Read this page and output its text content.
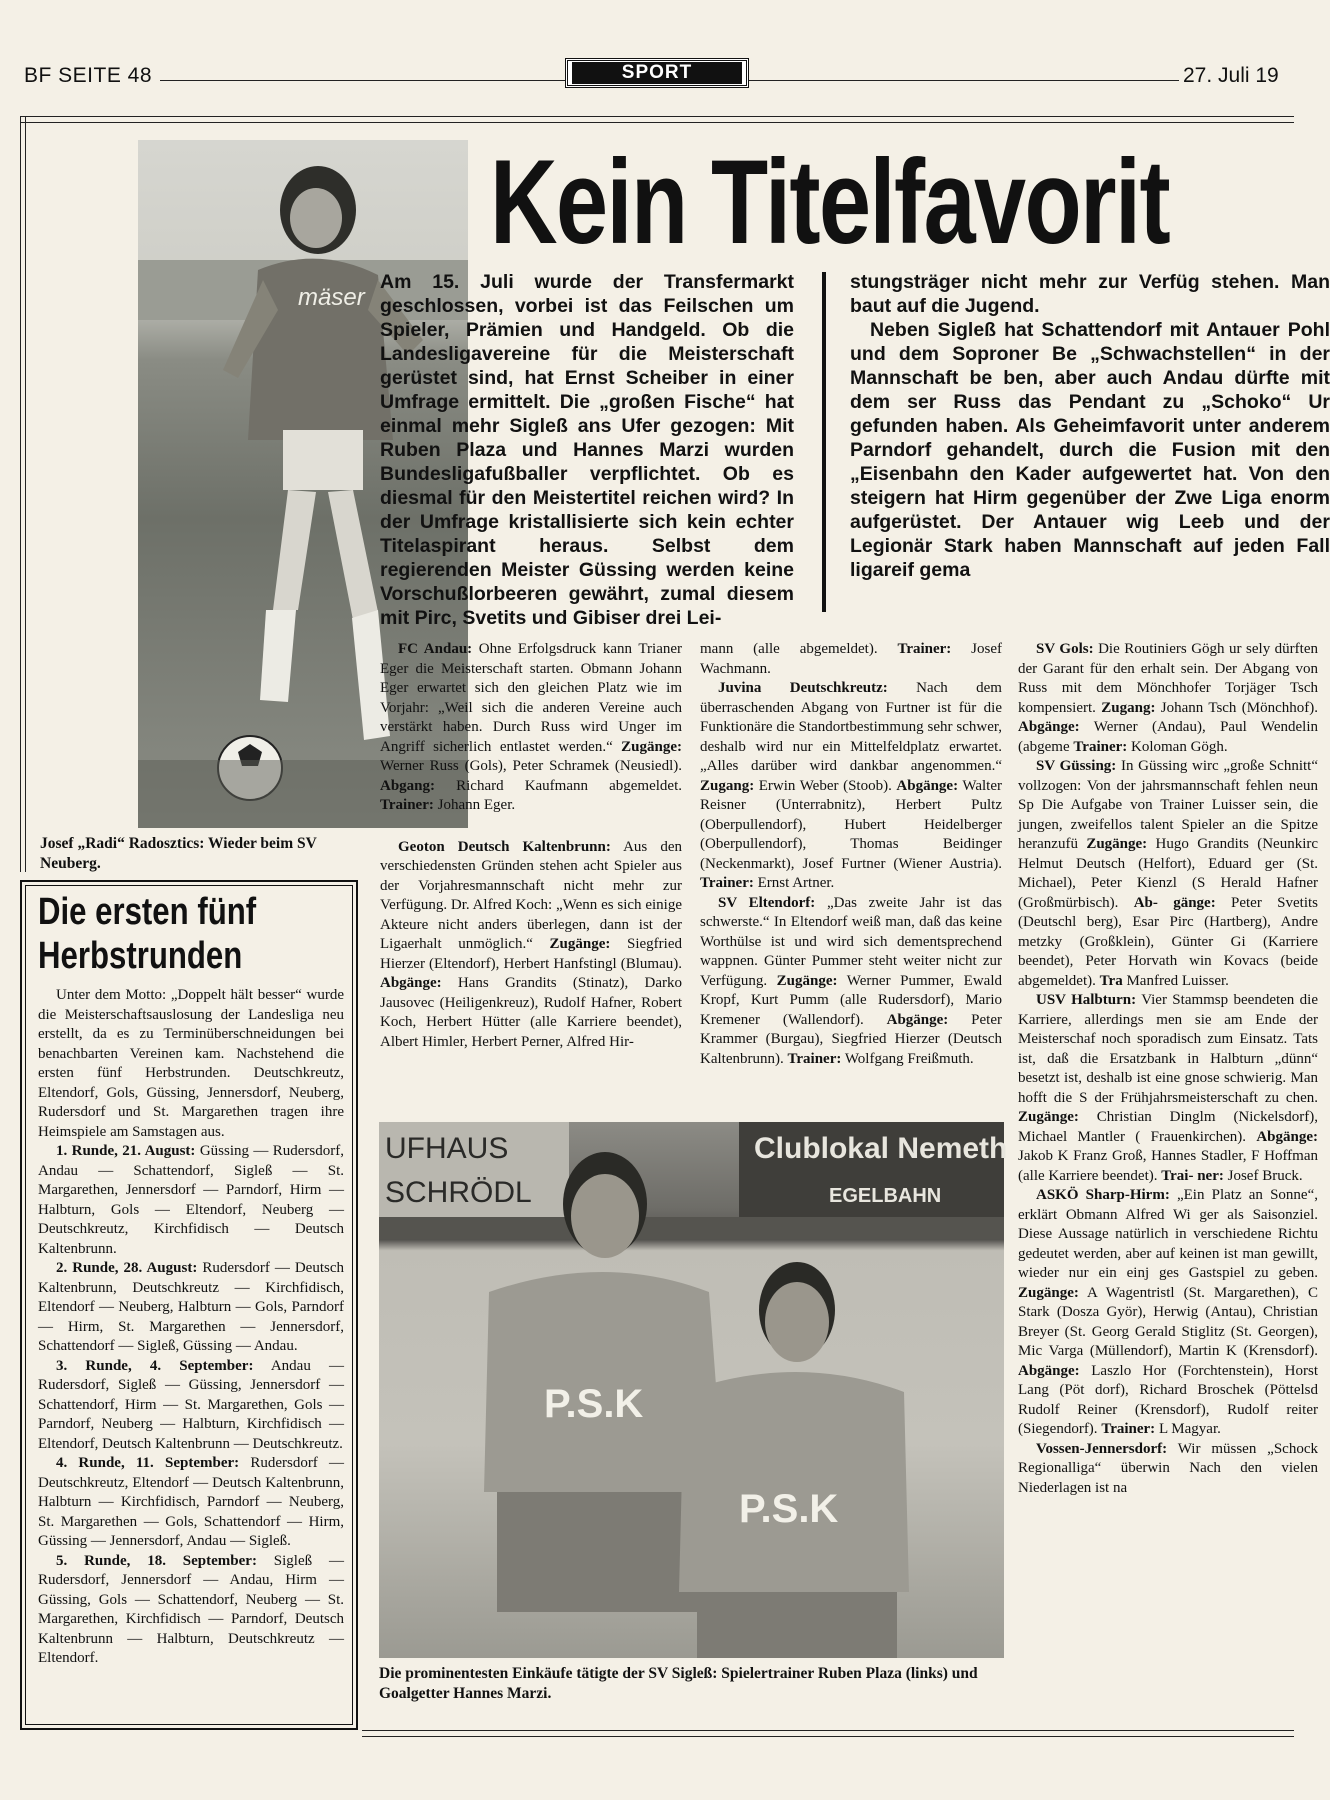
BF SEITE 48	SPORT	27. Juli 19
mäser
Josef „Radi“ Radosztics: Wieder beim SV Neuberg.
Kein Titelfavorit
Am 15. Juli wurde der Transfermarkt geschlossen, vorbei ist das Feilschen um Spieler, Prämien und Handgeld. Ob die Landesligavereine für die Meisterschaft gerüstet sind, hat Ernst Scheiber in einer Umfrage ermittelt. Die „großen Fische“ hat einmal mehr Sigleß ans Ufer gezogen: Mit Ruben Plaza und Hannes Marzi wurden Bundesligafußballer verpflichtet. Ob es diesmal für den Meistertitel reichen wird? In der Umfrage kristallisierte sich kein echter Titelaspirant heraus. Selbst dem regierenden Meister Güssing werden keine Vorschußlorbeeren gewährt, zumal diesem mit Pirc, Svetits und Gibiser drei Lei-
stungsträger nicht mehr zur Verfüg stehen. Man baut auf die Jugend.
Neben Sigleß hat Schattendorf mit Antauer Pohl und dem Soproner Be „Schwachstellen“ in der Mannschaft be ben, aber auch Andau dürfte mit dem ser Russ das Pendant zu „Schoko“ Ur gefunden haben. Als Geheimfavorit unter anderem Parndorf gehandelt, durch die Fusion mit den „Eisenbahn den Kader aufgewertet hat. Von den steigern hat Hirm gegenüber der Zwe Liga enorm aufgerüstet. Der Antauer wig Leeb und der Legionär Stark haben Mannschaft auf jeden Fall ligareif gema
Die ersten fünf
Herbstrunden

Unter dem Motto: „Doppelt hält besser“ wurde die Meisterschaftsauslosung der Landesliga neu erstellt, da es zu Terminüberschneidungen bei benachbarten Vereinen kam. Nachstehend die ersten fünf Herbstrunden. Deutschkreutz, Eltendorf, Gols, Güssing, Jennersdorf, Neuberg, Rudersdorf und St. Margarethen tragen ihre Heimspiele am Samstagen aus.

1. Runde, 21. August: Güssing — Rudersdorf, Andau — Schattendorf, Sigleß — St. Margarethen, Jennersdorf — Parndorf, Hirm — Halbturn, Gols — Eltendorf, Neuberg — Deutschkreutz, Kirchfidisch — Deutsch Kaltenbrunn.

2. Runde, 28. August: Rudersdorf — Deutsch Kaltenbrunn, Deutschkreutz — Kirchfidisch, Eltendorf — Neuberg, Halbturn — Gols, Parndorf — Hirm, St. Margarethen — Jennersdorf, Schattendorf — Sigleß, Güssing — Andau.

3. Runde, 4. September: Andau — Rudersdorf, Sigleß — Güssing, Jennersdorf — Schattendorf, Hirm — St. Margarethen, Gols — Parndorf, Neuberg — Halbturn, Kirchfidisch — Eltendorf, Deutsch Kaltenbrunn — Deutschkreutz.

4. Runde, 11. September: Rudersdorf — Deutschkreutz, Eltendorf — Deutsch Kaltenbrunn, Halbturn — Kirchfidisch, Parndorf — Neuberg, St. Margarethen — Gols, Schattendorf — Hirm, Güssing — Jennersdorf, Andau — Sigleß.

5. Runde, 18. September: Sigleß — Rudersdorf, Jennersdorf — Andau, Hirm — Güssing, Gols — Schattendorf, Neuberg — St. Margarethen, Kirchfidisch — Parndorf, Deutsch Kaltenbrunn — Halbturn, Deutschkreutz — Eltendorf.

FC Andau: Ohne Erfolgsdruck kann Trianer Eger die Meisterschaft starten. Obmann Johann Eger erwartet sich den gleichen Platz wie im Vorjahr: „Weil sich die anderen Vereine auch verstärkt haben. Durch Russ wird Unger im Angriff sicherlich entlastet werden.“ Zugänge: Werner Russ (Gols), Peter Schramek (Neusiedl). Abgang: Richard Kaufmann abgemeldet. Trainer: Johann Eger.

Geoton Deutsch Kaltenbrunn: Aus den verschiedensten Gründen stehen acht Spieler aus der Vorjahresmannschaft nicht mehr zur Verfügung. Dr. Alfred Koch: „Wenn es sich einige Akteure nicht anders überlegen, dann ist der Ligaerhalt unmöglich.“ Zugänge: Siegfried Hierzer (Eltendorf), Herbert Hanfstingl (Blumau). Abgänge: Hans Grandits (Stinatz), Darko Jausovec (Heiligenkreuz), Rudolf Hafner, Robert Koch, Herbert Hütter (alle Karriere beendet), Albert Himler, Herbert Perner, Alfred Hir-

mann (alle abgemeldet). Trainer: Josef Wachmann.

Juvina Deutschkreutz: Nach dem überraschenden Abgang von Furtner ist für die Funktionäre die Standortbestimmung sehr schwer, deshalb wird nur ein Mittelfeldplatz erwartet. „Alles darüber wird dankbar angenommen.“ Zugang: Erwin Weber (Stoob). Abgänge: Walter Reisner (Unterrabnitz), Herbert Pultz (Oberpullendorf), Hubert Heidelberger (Oberpullendorf), Thomas Beidinger (Neckenmarkt), Josef Furtner (Wiener Austria). Trainer: Ernst Artner.

SV Eltendorf: „Das zweite Jahr ist das schwerste.“ In Eltendorf weiß man, daß das keine Worthülse ist und wird sich dementsprechend wappnen. Günter Pummer steht weiter nicht zur Verfügung. Zugänge: Werner Pummer, Ewald Kropf, Kurt Pumm (alle Rudersdorf), Mario Kremener (Wallendorf). Abgänge: Peter Krammer (Burgau), Siegfried Hierzer (Deutsch Kaltenbrunn). Trainer: Wolfgang Freißmuth.

SV Gols: Die Routiniers Gögh ur sely dürften der Garant für den erhalt sein. Der Abgang von Russ mit dem Mönchhofer Torjäger Tsch kompensiert. Zugang: Johann Tsch (Mönchhof). Abgänge: Werner (Andau), Paul Wendelin (abgeme Trainer: Koloman Gögh.

SV Güssing: In Güssing wirc „große Schnitt“ vollzogen: Von der jahrsmannschaft fehlen neun Sp Die Aufgabe von Trainer Luisser sein, die jungen, zweifellos talent Spieler an die Spitze heranzufü Zugänge: Hugo Grandits (Neunkirc Helmut Deutsch (Helfort), Eduard ger (St. Michael), Peter Kienzl (S Herald Hafner (Großmürbisch). Ab- gänge: Peter Svetits (Deutschl berg), Esar Pirc (Hartberg), Andre metzky (Großklein), Günter Gi (Karriere beendet), Peter Horvath win Kovacs (beide abgemeldet). Tra Manfred Luisser.

USV Halbturn: Vier Stammsp beendeten die Karriere, allerdings men sie am Ende der Meisterschaf noch sporadisch zum Einsatz. Tats ist, daß die Ersatzbank in Halbturn „dünn“ besetzt ist, deshalb ist eine gnose schwierig. Man hofft die S der Frühjahrsmeisterschaft zu chen. Zugänge: Christian Dinglm (Nickelsdorf), Michael Mantler ( Frauenkirchen). Abgänge: Jakob K Franz Groß, Hannes Stadler, F Hoffman (alle Karriere beendet). Trai- ner: Josef Bruck.

ASKÖ Sharp-Hirm: „Ein Platz an Sonne“, erklärt Obmann Alfred Wi ger als Saisonziel. Diese Aussage natürlich in verschiedene Richtu gedeutet werden, aber auf keinen ist man gewillt, wieder nur ein einj ges Gastspiel zu geben. Zugänge: A Wagentristl (St. Margarethen), C Stark (Dosza Györ), Herwig (Antau), Christian Breyer (St. Georg Gerald Stiglitz (St. Georgen), Mic Varga (Müllendorf), Martin K (Krensdorf). Abgänge: Laszlo Hor (Forchtenstein), Horst Lang (Pöt dorf), Richard Broschek (Pöttelsd Rudolf Reiner (Krensdorf), Rudolf reiter (Siegendorf). Trainer: L Magyar.

Vossen-Jennersdorf: Wir müssen „Schock Regionalliga“ überwin Nach den vielen Niederlagen ist na

UFHAUS
SCHRÖDL
Clublokal Nemeth
EGELBAHN
P.S.K
P.S.K
Die prominentesten Einkäufe tätigte der SV Sigleß: Spielertrainer Ruben Plaza (links) und Goalgetter Hannes Marzi.
